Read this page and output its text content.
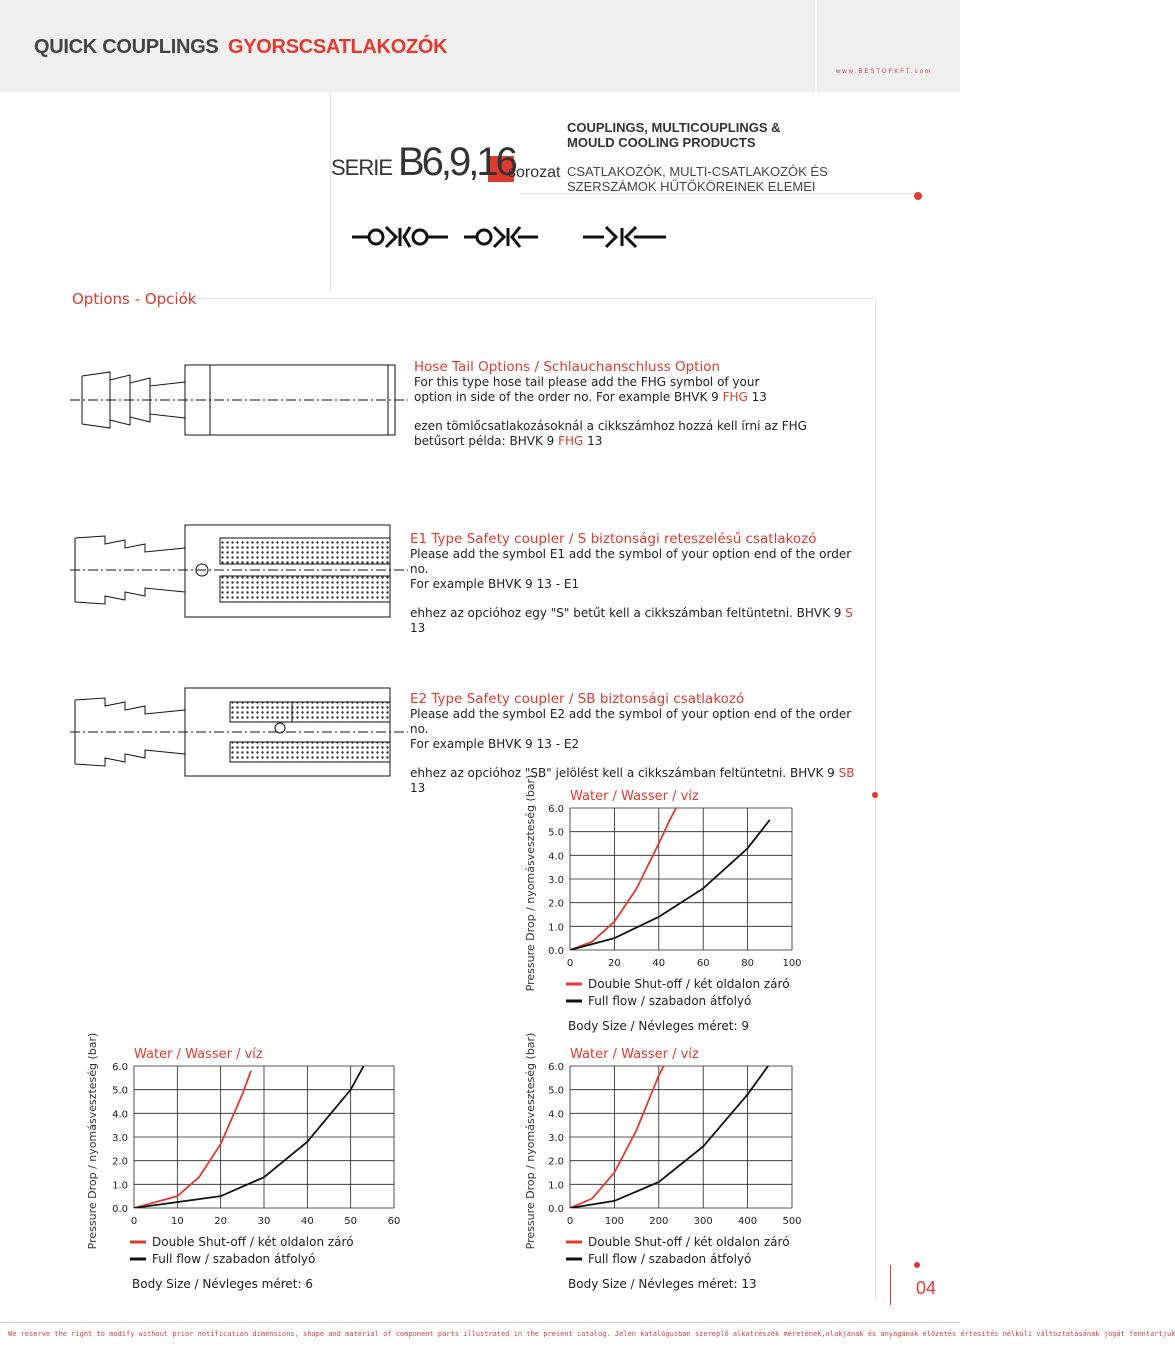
QUICK COUPLINGS GYORSCSATLAKOZÓK
www.BESTOFKFT.com
SERIE B6,9,16
sorozat
COUPLINGS, MULTICOUPLINGS & MOULD COOLING PRODUCTS
CSATLAKOZÓK, MULTI-CSATLAKOZÓK ÉS SZERSZÁMOK HŰTŐKÖREINEK ELEMEI
Options - Opciók
Hose Tail Options / Schlauchanschluss Option
For this type hose tail please add the FHG symbol of your
option in side of the order no. For example BHVK 9 FHG 13
ezen tömlőcsatlakozásoknál a cikkszámhoz hozzá kell írni az FHG
betűsort példa: BHVK 9 FHG 13
E1 Type Safety coupler / S biztonsági reteszelésű csatlakozó
Please add the symbol E1 add the symbol of your option end of the order no.
For example BHVK 9 13 - E1
ehhez az opcióhoz egy "S" betűt kell a cikkszámban feltüntetni. BHVK 9 S 13
E2 Type Safety coupler / SB biztonsági csatlakozó
Please add the symbol E2 add the symbol of your option end of the order no.
For example BHVK 9 13 - E2
ehhez az opcióhoz "SB" jelölést kell a cikkszámban feltüntetni. BHVK 9 SB 13
Water / Wasser / víz
Pressure Drop / nyomásveszteség (bar) 0.0
1.0
2.0
3.0
4.0
5.0
6.0
0	20	40	60	80	100
Double Shut-off / két oldalon záró
Full flow / szabadon átfolyó
Body Size / Névleges méret: 9
Water / Wasser / víz
Pressure Drop / nyomásveszteség (bar) 0.0
1.0
2.0
3.0
4.0
5.0
6.0
0	10	20	30	40	50	60
Double Shut-off / két oldalon záró
Full flow / szabadon átfolyó
Body Size / Névleges méret: 6
Water / Wasser / víz
Pressure Drop / nyomásveszteség (bar) 0.0
1.0
2.0
3.0
4.0
5.0
6.0
0	100	200	300	400	500
Double Shut-off / két oldalon záró
Full flow / szabadon átfolyó
Body Size / Névleges méret: 13
We reserve the right to modify without prior notification dimensions, shape and material of component parts illustrated in the present catalog. Jelen katalógusban szereplő alkatrészek méretének,alakjának és anyagának előzetes értesítés nélküli változtatásának jogát fenntartjuk
04
